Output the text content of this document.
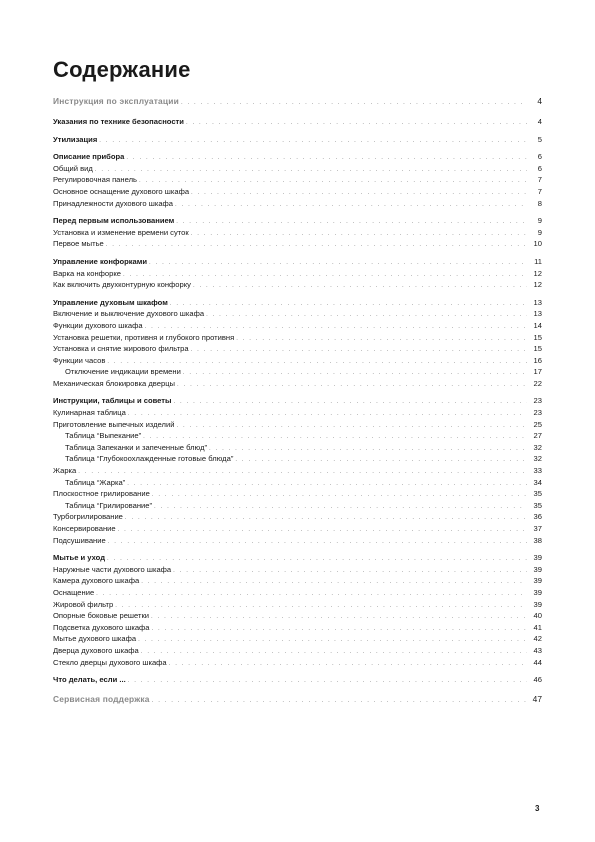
Содержание
Инструкция по эксплуатации . . .	4
Указания по технике безопасности . . .	4
Утилизация . . .	5
Описание прибора . . .	6
Общий вид . . .	6
Регулировочная панель . . .	7
Основное оснащение духового шкафа . . .	7
Принадлежности духового шкафа . . .	8
Перед первым использованием . . .	9
Установка и изменение времени суток . . .	9
Первое мытье . . .	10
Управление конфорками . . .	11
Варка на конфорке . . .	12
Как включить двухконтурную конфорку . . .	12
Управление духовым шкафом . . .	13
Включение и выключение духового шкафа . . .	13
Функции духового шкафа . . .	14
Установка решетки, противня и глубокого противня . . .	15
Установка и снятие жирового фильтра . . .	15
Функции часов . . .	16
Отключение индикации времени . . .	17
Механическая блокировка дверцы . . .	22
Инструкции, таблицы и советы . . .	23
Кулинарная таблица . . .	23
Приготовление выпечных изделий . . .	25
Таблица “Выпекание” . . .	27
Таблица Запеканки и запеченные блюд” . . .	32
Таблица “Глубокоохлажденные готовые блюда” . . .	32
Жарка . . .	33
Таблица “Жарка” . . .	34
Плоскостное грилирование . . .	35
Таблица “Грилирование” . . .	35
Турбогрилирование . . .	36
Консервирование . . .	37
Подсушивание . . .	38
Мытье и уход . . .	39
Наружные части духового шкафа . . .	39
Камера духового шкафа . . .	39
Оснащение . . .	39
Жировой фильтр . . .	39
Опорные боковые решетки . . .	40
Подсветка духового шкафа . . .	41
Мытье духового шкафа . . .	42
Дверца духового шкафа . . .	43
Стекло дверцы духового шкафа . . .	44
Что делать, если ... . . .	46
Сервисная поддержка . . .	47
3
